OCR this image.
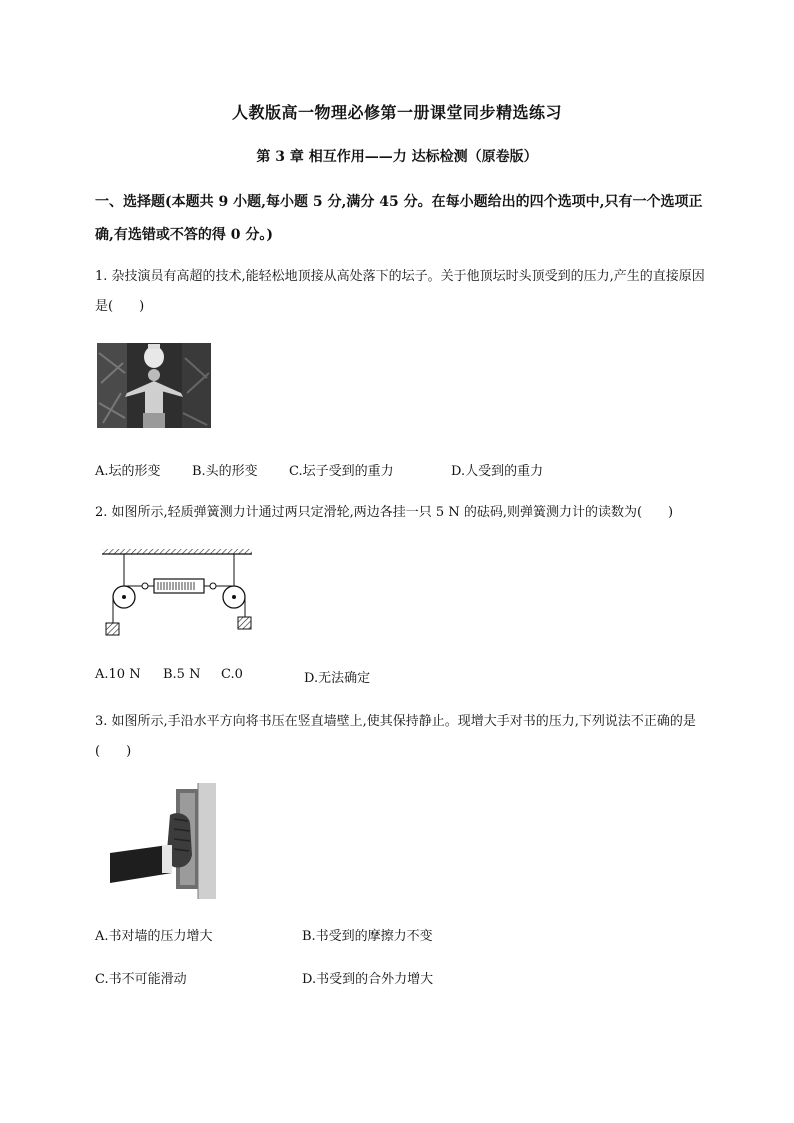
人教版高一物理必修第一册课堂同步精选练习
第 3 章 相互作用——力 达标检测（原卷版）
一、选择题(本题共 9 小题,每小题 5 分,满分 45 分。在每小题给出的四个选项中,只有一个选项正确,有选错或不答的得 0 分。)
1. 杂技演员有高超的技术,能轻松地顶接从高处落下的坛子。关于他顶坛时头顶受到的压力,产生的直接原因是(　　)
A.坛的形变 B.头的形变 C.坛子受到的重力	D.人受到的重力
2. 如图所示,轻质弹簧测力计通过两只定滑轮,两边各挂一只 5 N 的砝码,则弹簧测力计的读数为(　　)
A.10 N B.5 N C.0	D.无法确定
3. 如图所示,手沿水平方向将书压在竖直墙壁上,使其保持静止。现增大手对书的压力,下列说法不正确的是(　　)
A.书对墙的压力增大	B.书受到的摩擦力不变
C.书不可能滑动	D.书受到的合外力增大
